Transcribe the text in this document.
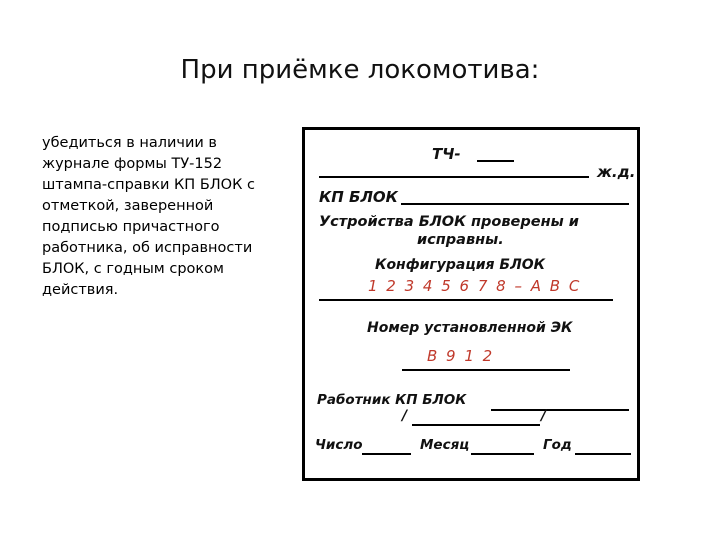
При приёмке локомотива:
убедиться в наличии в журнале формы ТУ-152 штампа-справки КП БЛОК с отметкой, заверенной подписью причастного работника, об исправности БЛОК, с годным сроком действия.
ТЧ-
ж.д.
КП БЛОК
Устройства БЛОК проверены и
исправны.
Конфигурация БЛОК
1 2 3 4 5 6 7 8 – А В С
Номер установленной ЭК
В 9 1 2
Работник КП БЛОК
/	/
Число	Месяц	Год
